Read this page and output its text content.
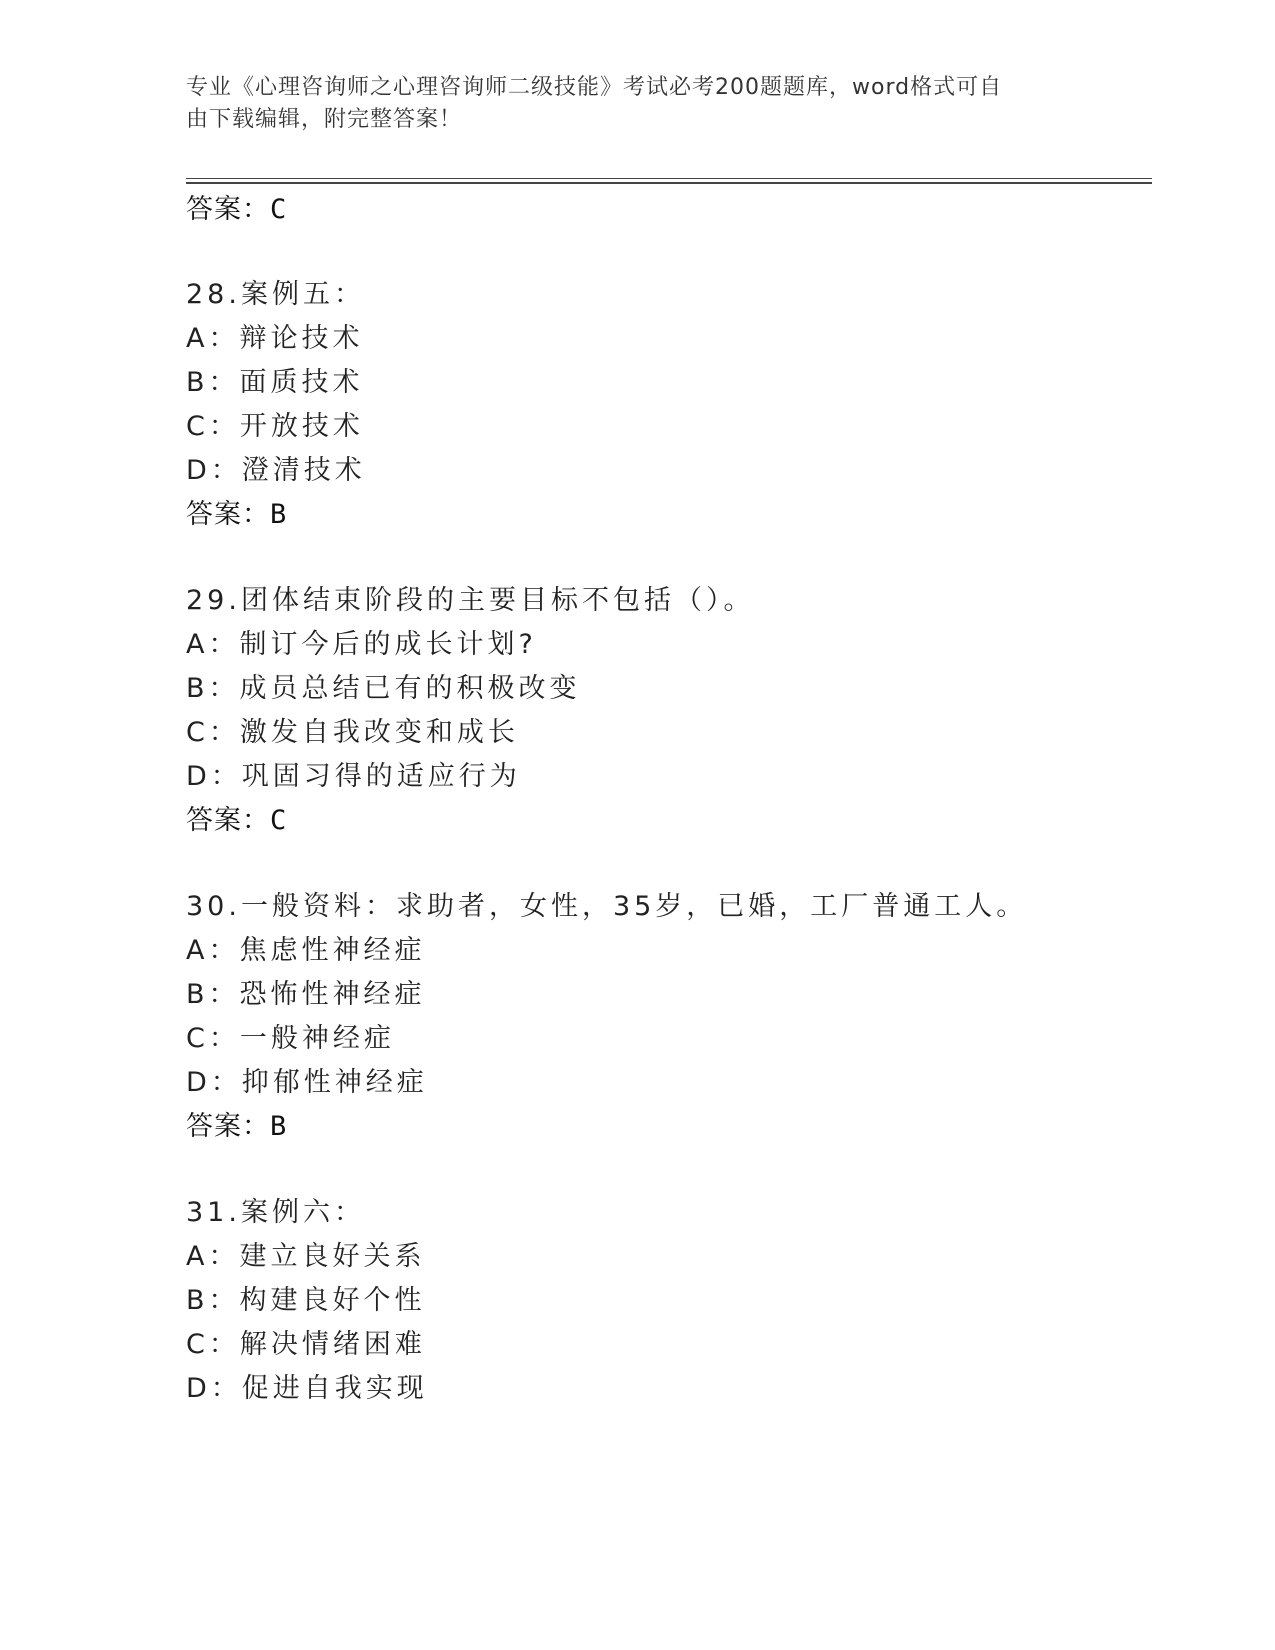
专业《心理咨询师之心理咨询师二级技能》考试必考200题题库，word格式可自
由下载编辑，附完整答案！
答案：C
28.案例五：
A：辩论技术
B：面质技术
C：开放技术
D：澄清技术
答案：B
29.团体结束阶段的主要目标不包括（）。
A：制订今后的成长计划?
B：成员总结已有的积极改变
C：激发自我改变和成长
D：巩固习得的适应行为
答案：C
30.一般资料：求助者，女性，35岁，已婚，工厂普通工人。
A：焦虑性神经症
B：恐怖性神经症
C：一般神经症
D：抑郁性神经症
答案：B
31.案例六：
A：建立良好关系
B：构建良好个性
C：解决情绪困难
D：促进自我实现
